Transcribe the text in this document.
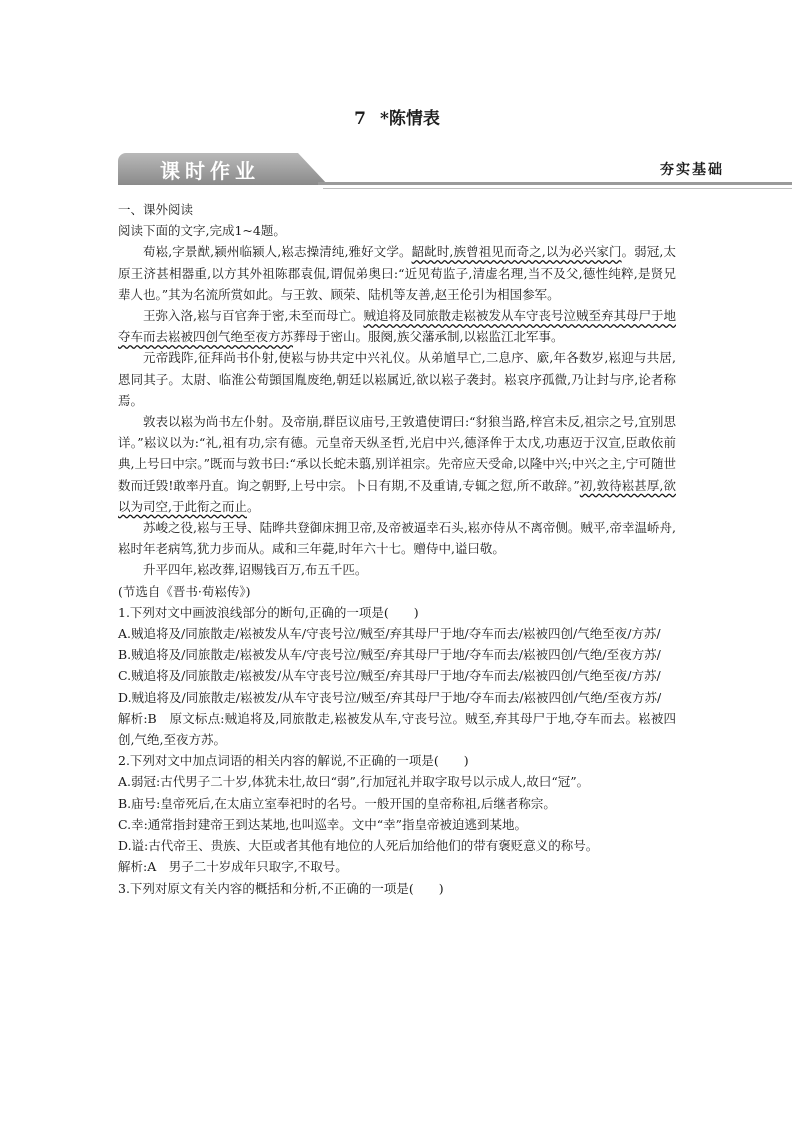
7 *陈情表
课时作业	夯实基础

一、课外阅读

阅读下面的文字,完成1~4题。

荀崧,字景猷,颍州临颍人,崧志操清纯,雅好文学。龆龀时,族曾祖见而奇之,以为必兴家门。弱冠,太原王济甚相器重,以方其外祖陈郡袁侃,谓侃弟奥曰:“近见荀监子,清虚名理,当不及父,德性纯粹,是贤兄辈人也。”其为名流所赏如此。与王敦、顾荣、陆机等友善,赵王伦引为相国参军。

王弥入洛,崧与百官奔于密,未至而母亡。贼追将及同旅散走崧被发从车守丧号泣贼至弃其母尸于地夺车而去崧被四创气绝至夜方苏葬母于密山。服阕,族父藩承制,以崧监江北军事。

元帝践阼,征拜尚书仆射,使崧与协共定中兴礼仪。从弟馗早亡,二息序、廞,年各数岁,崧迎与共居,恩同其子。太尉、临淮公荀顗国胤废绝,朝廷以崧属近,欲以崧子袭封。崧哀序孤微,乃让封与序,论者称焉。

敦表以崧为尚书左仆射。及帝崩,群臣议庙号,王敦遣使谓曰:“豺狼当路,梓宫未反,祖宗之号,宜别思详。”崧议以为:“礼,祖有功,宗有德。元皇帝天纵圣哲,光启中兴,德泽侔于太戊,功惠迈于汉宣,臣敢依前典,上号曰中宗。”既而与敦书曰:“承以长蛇未翦,别详祖宗。先帝应天受命,以隆中兴;中兴之主,宁可随世数而迁毁!敢率丹直。询之朝野,上号中宗。卜日有期,不及重请,专辄之愆,所不敢辞。”初,敦待崧甚厚,欲以为司空,于此衔之而止。

苏峻之役,崧与王导、陆晔共登御床拥卫帝,及帝被逼幸石头,崧亦侍从不离帝侧。贼平,帝幸温峤舟,崧时年老病笃,犹力步而从。咸和三年薨,时年六十七。赠侍中,谥曰敬。

升平四年,崧改葬,诏赐钱百万,布五千匹。

(节选自《晋书·荀崧传》)

1.下列对文中画波浪线部分的断句,正确的一项是(　　)

A.贼追将及/同旅散走/崧被发从车/守丧号泣/贼至/弃其母尸于地/夺车而去/崧被四创/气绝至夜/方苏/

B.贼追将及/同旅散走/崧被发从车/守丧号泣/贼至/弃其母尸于地/夺车而去/崧被四创/气绝/至夜方苏/

C.贼追将及/同旅散走/崧被发/从车守丧号泣/贼至/弃其母尸于地/夺车而去/崧被四创/气绝至夜/方苏/

D.贼追将及/同旅散走/崧被发/从车守丧号泣/贼至/弃其母尸于地/夺车而去/崧被四创/气绝/至夜方苏/

解析:B　原文标点:贼追将及,同旅散走,崧被发从车,守丧号泣。贼至,弃其母尸于地,夺车而去。崧被四创,气绝,至夜方苏。

2.下列对文中加点词语的相关内容的解说,不正确的一项是(　　)

A.弱冠:古代男子二十岁,体犹未壮,故曰“弱”,行加冠礼并取字取号以示成人,故曰“冠”。

B.庙号:皇帝死后,在太庙立室奉祀时的名号。一般开国的皇帝称祖,后继者称宗。

C.幸:通常指封建帝王到达某地,也叫巡幸。文中“幸”指皇帝被迫逃到某地。

D.谥:古代帝王、贵族、大臣或者其他有地位的人死后加给他们的带有褒贬意义的称号。

解析:A　男子二十岁成年只取字,不取号。

3.下列对原文有关内容的概括和分析,不正确的一项是(　　)
